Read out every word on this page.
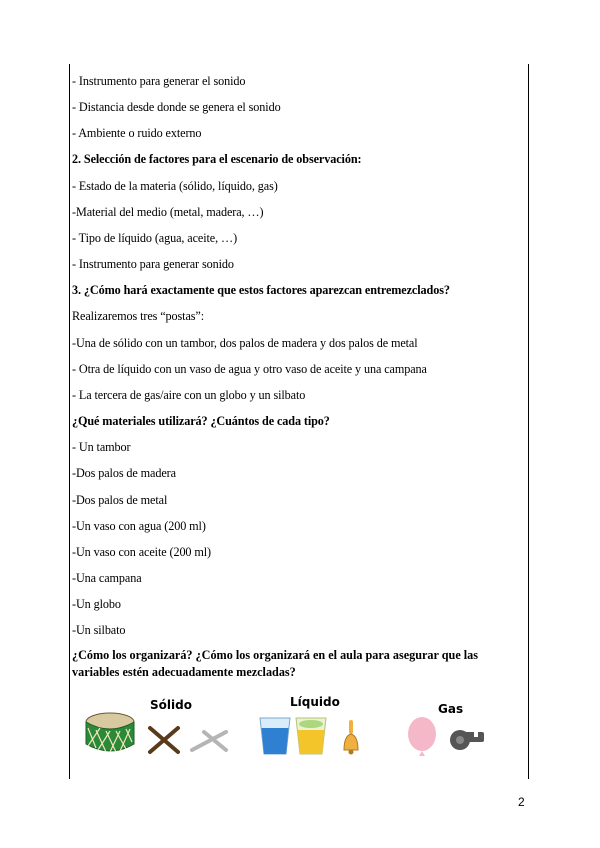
- Instrumento para generar el sonido
- Distancia desde donde se genera el sonido
- Ambiente o ruido externo
2. Selección de factores para el escenario de observación:
- Estado de la materia (sólido, líquido, gas)
-Material del medio (metal, madera, …)
- Tipo de líquido (agua, aceite, …)
- Instrumento para generar sonido
3. ¿Cómo hará exactamente que estos factores aparezcan entremezclados?
Realizaremos tres “postas”:
-Una de sólido con un tambor, dos palos de madera y dos palos de metal
- Otra de líquido con un vaso de agua y otro vaso de aceite y una campana
- La tercera de gas/aire con un globo y un silbato
¿Qué materiales utilizará? ¿Cuántos de cada tipo?
- Un tambor
-Dos palos de madera
-Dos palos de metal
-Un vaso con agua (200 ml)
-Un vaso con aceite (200 ml)
-Una campana
-Un globo
-Un silbato
¿Cómo los organizará? ¿Cómo los organizará en el aula para asegurar que las variables estén adecuadamente mezcladas?
Sólido	Líquido	Gas
2
